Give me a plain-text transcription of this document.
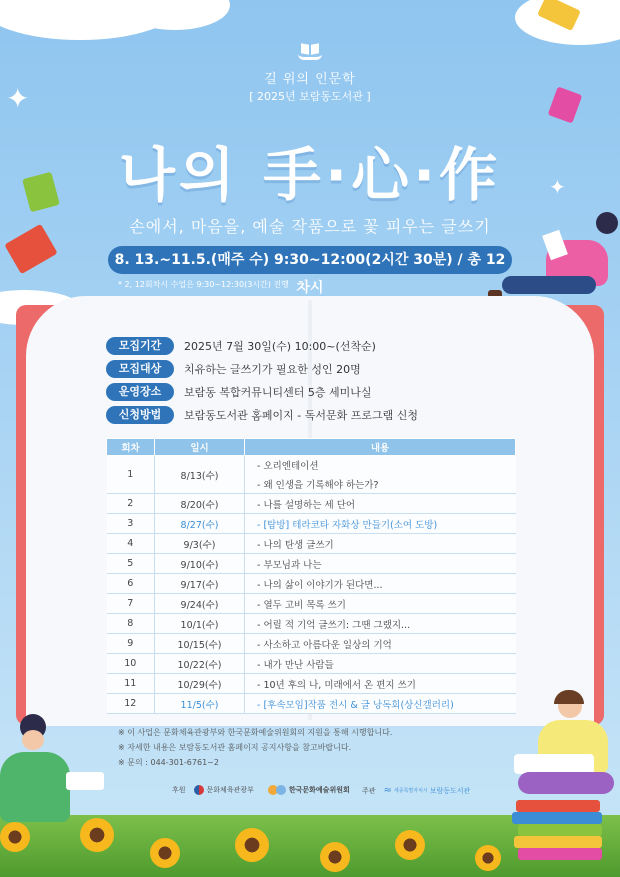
✦
✦
길 위의 인문학
[ 2025년 보람동도서관 ]
나의 手·心·作
손에서, 마음을, 예술 작품으로 꽃 피우는 글쓰기
8. 13.~11.5.(매주 수) 9:30~12:00(2시간 30분) / 총 12차시
* 2, 12회차시 수업은 9:30~12:30(3시간) 진행
모집기간	2025년 7월 30일(수) 10:00~(선착순)
모집대상	치유하는 글쓰기가 필요한 성인 20명
운영장소	보람동 복합커뮤니티센터 5층 세미나실
신청방법	보람동도서관 홈페이지 - 독서문화 프로그램 신청
회차	일시	내용
1	8/13(수)	- 오리엔테이션
- 왜 인생을 기록해야 하는가?

2	8/20(수)	- 나를 설명하는 세 단어
3	8/27(수)	- [탐방] 테라코타 자화상 만들기(소여 도방)
4	9/3(수)	- 나의 탄생 글쓰기
5	9/10(수)	- 부모님과 나는
6	9/17(수)	- 나의 삶이 이야기가 된다면...
7	9/24(수)	- 열두 고비 목록 쓰기
8	10/1(수)	- 어릴 적 기억 글쓰기: 그땐 그랬지...
9	10/15(수)	- 사소하고 아름다운 일상의 기억
10	10/22(수)	- 내가 만난 사람들
11	10/29(수)	- 10년 후의 나, 미래에서 온 편지 쓰기
12	11/5(수)	- [후속모임]작품 전시 & 글 낭독회(상신갤러리)
※ 이 사업은 문화체육관광부와 한국문화예술위원회의 지원을 통해 시행합니다.
※ 자세한 내용은 보람동도서관 홈페이지 공지사항을 참고바랍니다.
※ 문의 : 044-301-6761~2
후원	문화체육관광부	한국문화예술위원회 주관 ≈ 세종특별자치시 보람동도서관
